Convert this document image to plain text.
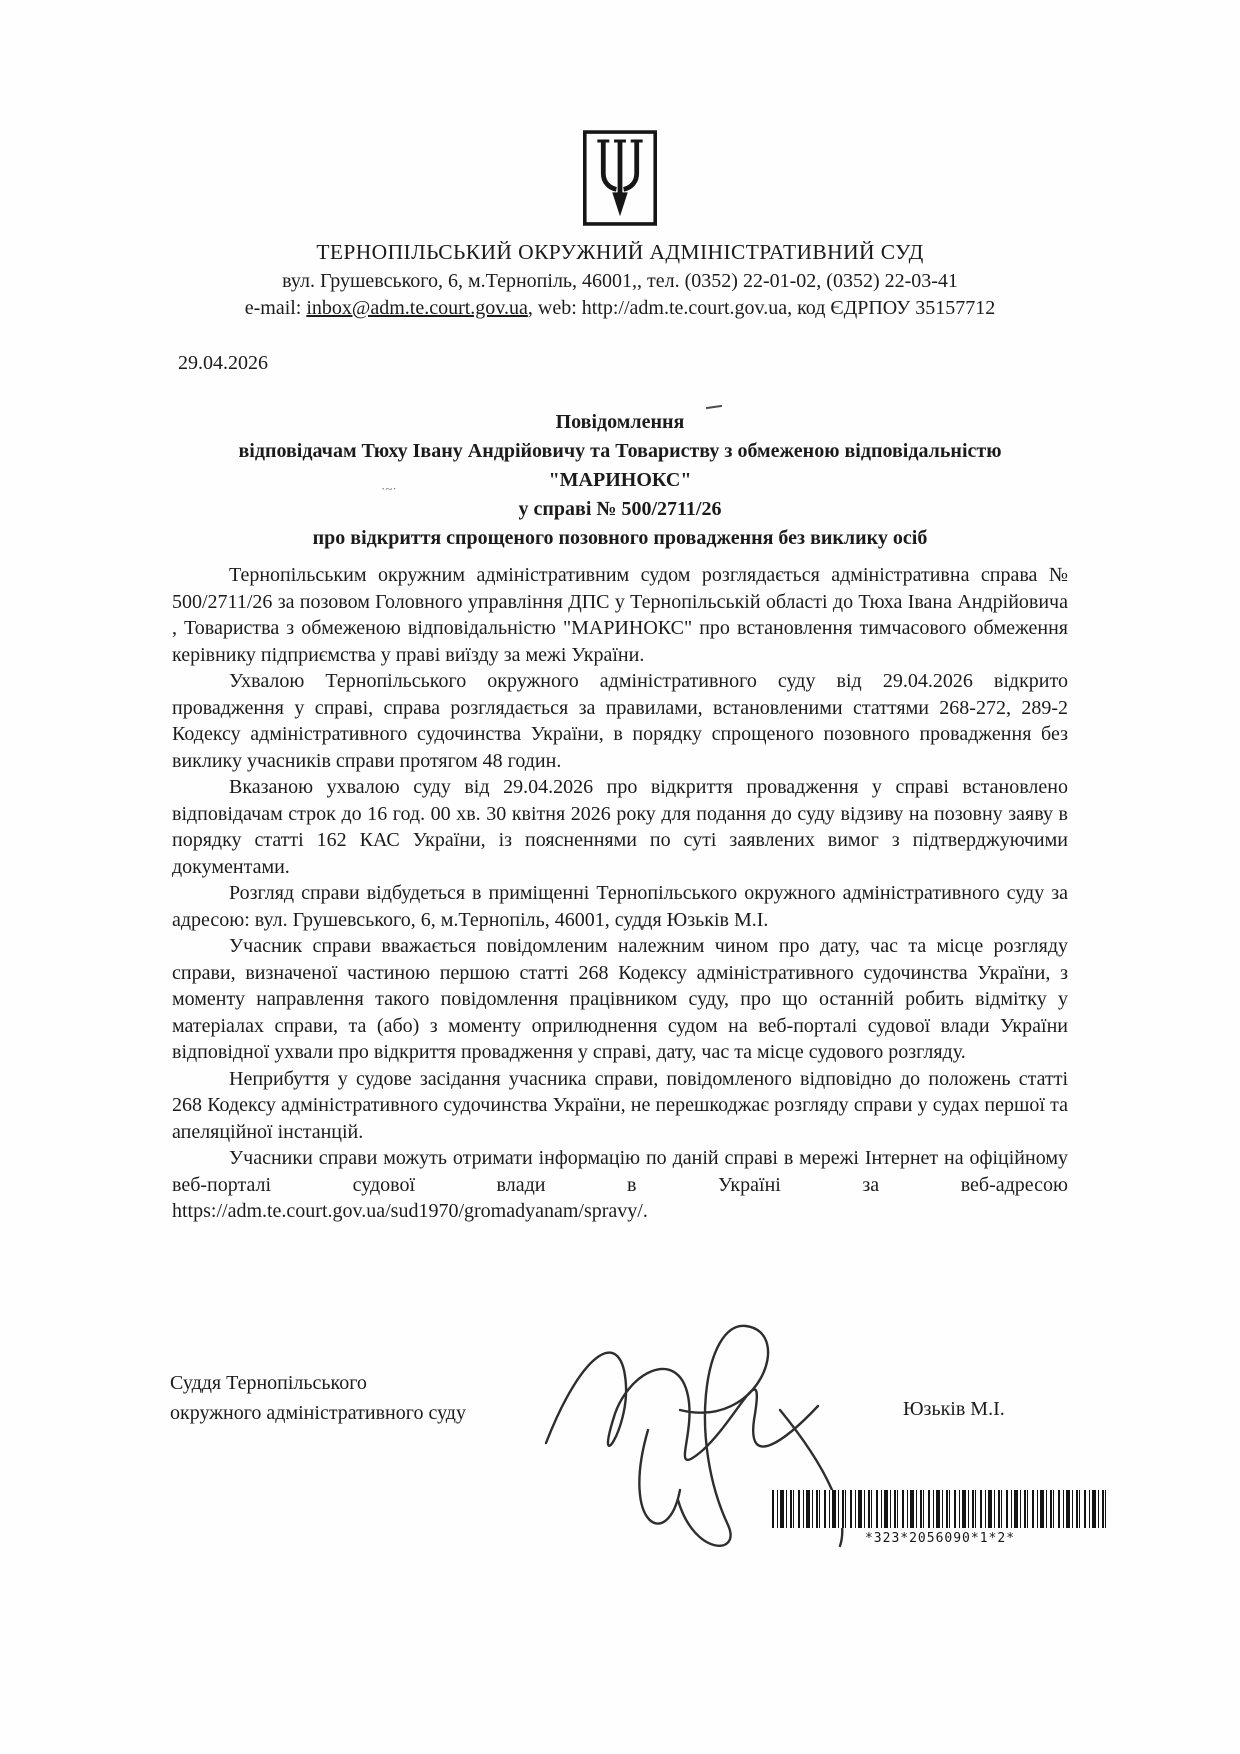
ТЕРНОПІЛЬСЬКИЙ ОКРУЖНИЙ АДМІНІСТРАТИВНИЙ СУД
вул. Грушевського, 6, м.Тернопіль, 46001,, тел. (0352) 22-01-02, (0352) 22-03-41
e-mail: inbox@adm.te.court.gov.ua, web: http://adm.te.court.gov.ua, код ЄДРПОУ 35157712
29.04.2026
·~·
Повідомлення
відповідачам Тюху Івану Андрійовичу та Товариству з обмеженою відповідальністю
"МАРИНОКС"
у справі № 500/2711/26
про відкриття спрощеного позовного провадження без виклику осіб

Тернопільським окружним адміністративним судом розглядається адміністративна справа № 500/2711/26 за позовом Головного управління ДПС у Тернопільській області до Тюха Івана Андрійовича , Товариства з обмеженою відповідальністю "МАРИНОКС" про встановлення тимчасового обмеження керівнику підприємства у праві виїзду за межі України.

Ухвалою Тернопільського окружного адміністративного суду від 29.04.2026 відкрито провадження у справі, справа розглядається за правилами, встановленими статтями 268-272, 289-2 Кодексу адміністративного судочинства України, в порядку спрощеного позовного провадження без виклику учасників справи протягом 48 годин.

Вказаною ухвалою суду від 29.04.2026 про відкриття провадження у справі встановлено відповідачам строк до 16 год. 00 хв. 30 квітня 2026 року для подання до суду відзиву на позовну заяву в порядку статті 162 КАС України, із поясненнями по суті заявлених вимог з підтверджуючими документами.

Розгляд справи відбудеться в приміщенні Тернопільського окружного адміністративного суду за адресою: вул. Грушевського, 6, м.Тернопіль, 46001, суддя Юзьків М.І.

Учасник справи вважається повідомленим належним чином про дату, час та місце розгляду справи, визначеної частиною першою статті 268 Кодексу адміністративного судочинства України, з моменту направлення такого повідомлення працівником суду, про що останній робить відмітку у матеріалах справи, та (або) з моменту оприлюднення судом на веб-порталі судової влади України відповідної ухвали про відкриття провадження у справі, дату, час та місце судового розгляду.

Неприбуття у судове засідання учасника справи, повідомленого відповідно до положень статті 268 Кодексу адміністративного судочинства України, не перешкоджає розгляду справи у судах першої та апеляційної інстанцій.

Учасники справи можуть отримати інформацію по даній справі в мережі Інтернет на офіційному веб-порталі судової влади в Україні за веб-адресою https://adm.te.court.gov.ua/sud1970/gromadyanam/spravy/.

Суддя Тернопільського
окружного адміністративного суду	Юзьків М.І.
*323*2056090*1*2*
